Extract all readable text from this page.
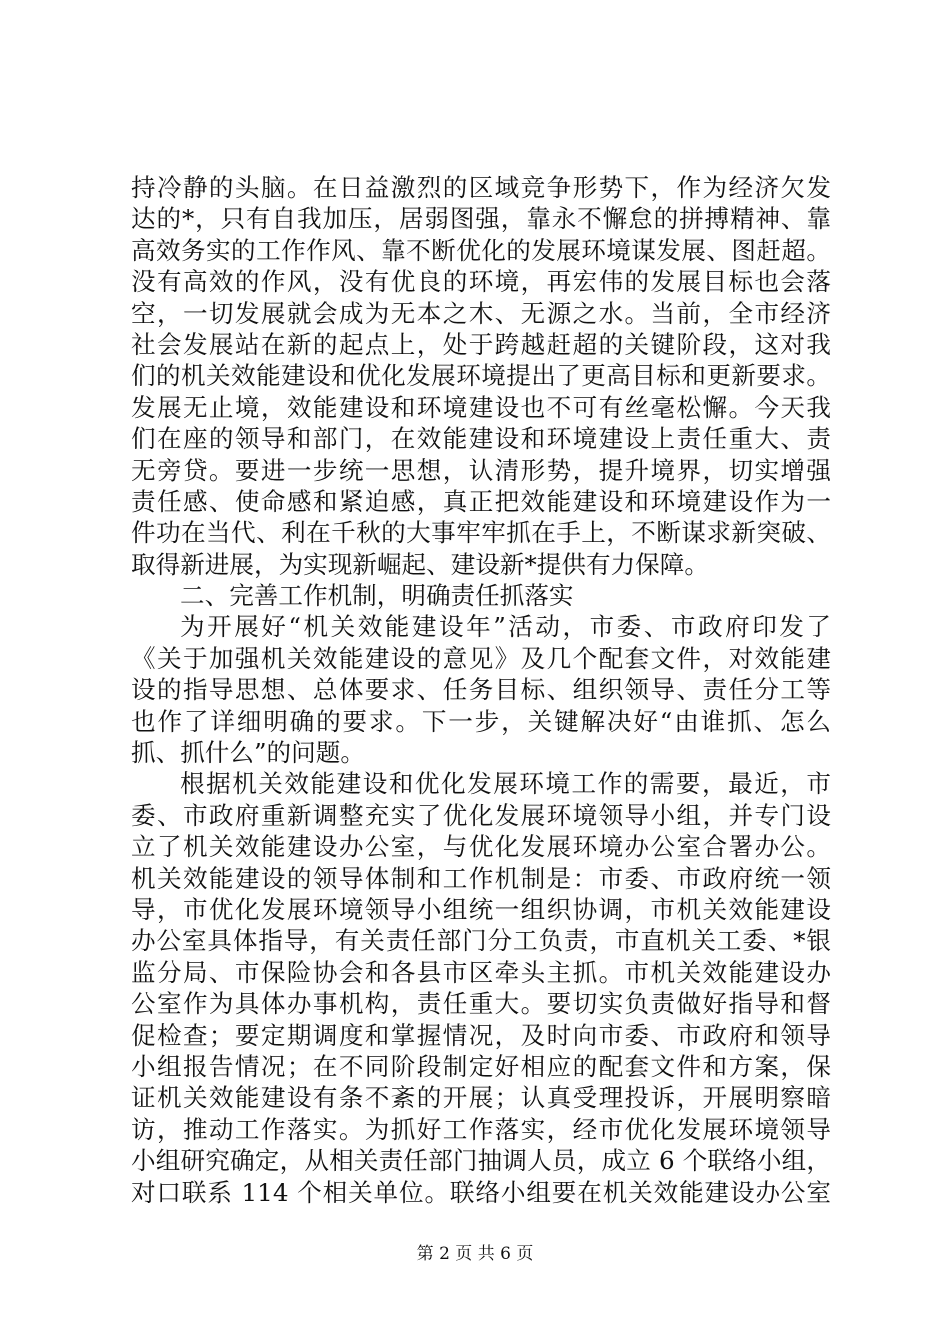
持冷静的头脑。在日益激烈的区域竞争形势下，作为经济欠发
达的*，只有自我加压，居弱图强，靠永不懈怠的拼搏精神、靠
高效务实的工作作风、靠不断优化的发展环境谋发展、图赶超。
没有高效的作风，没有优良的环境，再宏伟的发展目标也会落
空，一切发展就会成为无本之木、无源之水。当前，全市经济
社会发展站在新的起点上，处于跨越赶超的关键阶段，这对我
们的机关效能建设和优化发展环境提出了更高目标和更新要求。
发展无止境，效能建设和环境建设也不可有丝毫松懈。今天我
们在座的领导和部门，在效能建设和环境建设上责任重大、责
无旁贷。要进一步统一思想，认清形势，提升境界，切实增强
责任感、使命感和紧迫感，真正把效能建设和环境建设作为一
件功在当代、利在千秋的大事牢牢抓在手上，不断谋求新突破、
取得新进展，为实现新崛起、建设新*提供有力保障。
二、完善工作机制，明确责任抓落实
为开展好“机关效能建设年”活动，市委、市政府印发了
《关于加强机关效能建设的意见》及几个配套文件，对效能建
设的指导思想、总体要求、任务目标、组织领导、责任分工等
也作了详细明确的要求。下一步，关键解决好“由谁抓、怎么
抓、抓什么”的问题。
根据机关效能建设和优化发展环境工作的需要，最近，市
委、市政府重新调整充实了优化发展环境领导小组，并专门设
立了机关效能建设办公室，与优化发展环境办公室合署办公。
机关效能建设的领导体制和工作机制是：市委、市政府统一领
导，市优化发展环境领导小组统一组织协调，市机关效能建设
办公室具体指导，有关责任部门分工负责，市直机关工委、*银
监分局、市保险协会和各县市区牵头主抓。市机关效能建设办
公室作为具体办事机构，责任重大。要切实负责做好指导和督
促检查；要定期调度和掌握情况，及时向市委、市政府和领导
小组报告情况；在不同阶段制定好相应的配套文件和方案，保
证机关效能建设有条不紊的开展；认真受理投诉，开展明察暗
访，推动工作落实。为抓好工作落实，经市优化发展环境领导
小组研究确定，从相关责任部门抽调人员，成立 6 个联络小组，
对口联系 114 个相关单位。联络小组要在机关效能建设办公室
第 2 页 共 6 页
